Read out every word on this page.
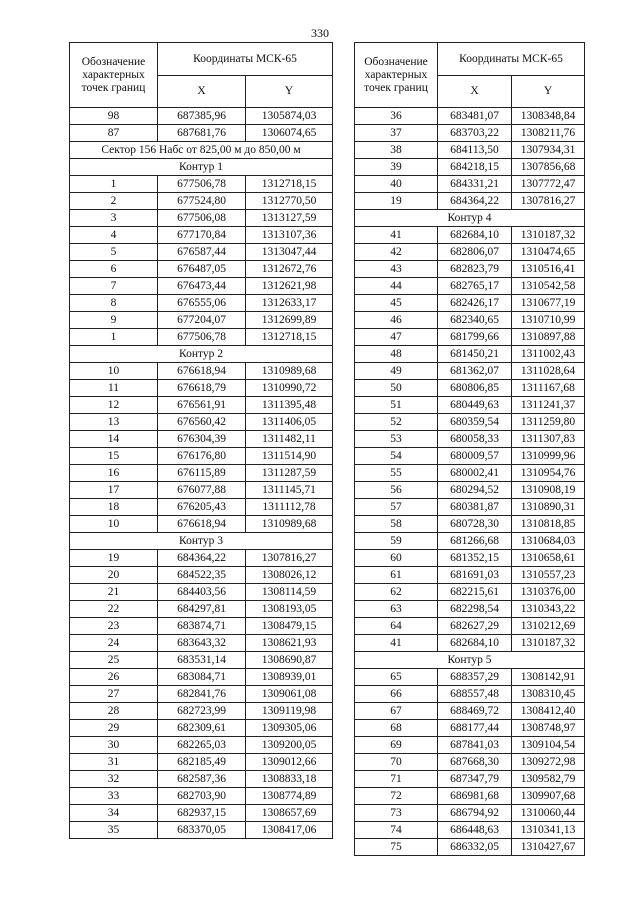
330
Обозначение характерных точек границ	Координаты МСК-65	
	X	Y
98	687385,96	1305874,03
87	687681,76	1306074,65
Сектор 156 Набс от 825,00 м до 850,00 м		
Контур 1		
1	677506,78	1312718,15
2	677524,80	1312770,50
3	677506,08	1313127,59
4	677170,84	1313107,36
5	676587,44	1313047,44
6	676487,05	1312672,76
7	676473,44	1312621,98
8	676555,06	1312633,17
9	677204,07	1312699,89
1	677506,78	1312718,15
Контур 2		
10	676618,94	1310989,68
11	676618,79	1310990,72
12	676561,91	1311395,48
13	676560,42	1311406,05
14	676304,39	1311482,11
15	676176,80	1311514,90
16	676115,89	1311287,59
17	676077,88	1311145,71
18	676205,43	1311112,78
10	676618,94	1310989,68
Контур 3		
19	684364,22	1307816,27
20	684522,35	1308026,12
21	684403,56	1308114,59
22	684297,81	1308193,05
23	683874,71	1308479,15
24	683643,32	1308621,93
25	683531,14	1308690,87
26	683084,71	1308939,01
27	682841,76	1309061,08
28	682723,99	1309119,98
29	682309,61	1309305,06
30	682265,03	1309200,05
31	682185,49	1309012,66
32	682587,36	1308833,18
33	682703,90	1308774,89
34	682937,15	1308657,69
35	683370,05	1308417,06
Обозначение характерных точек границ	Координаты МСК-65	
	X	Y
36	683481,07	1308348,84
37	683703,22	1308211,76
38	684113,50	1307934,31
39	684218,15	1307856,68
40	684331,21	1307772,47
19	684364,22	1307816,27
Контур 4		
41	682684,10	1310187,32
42	682806,07	1310474,65
43	682823,79	1310516,41
44	682765,17	1310542,58
45	682426,17	1310677,19
46	682340,65	1310710,99
47	681799,66	1310897,88
48	681450,21	1311002,43
49	681362,07	1311028,64
50	680806,85	1311167,68
51	680449,63	1311241,37
52	680359,54	1311259,80
53	680058,33	1311307,83
54	680009,57	1310999,96
55	680002,41	1310954,76
56	680294,52	1310908,19
57	680381,87	1310890,31
58	680728,30	1310818,85
59	681266,68	1310684,03
60	681352,15	1310658,61
61	681691,03	1310557,23
62	682215,61	1310376,00
63	682298,54	1310343,22
64	682627,29	1310212,69
41	682684,10	1310187,32
Контур 5		
65	688357,29	1308142,91
66	688557,48	1308310,45
67	688469,72	1308412,40
68	688177,44	1308748,97
69	687841,03	1309104,54
70	687668,30	1309272,98
71	687347,79	1309582,79
72	686981,68	1309907,68
73	686794,92	1310060,44
74	686448,63	1310341,13
75	686332,05	1310427,67
